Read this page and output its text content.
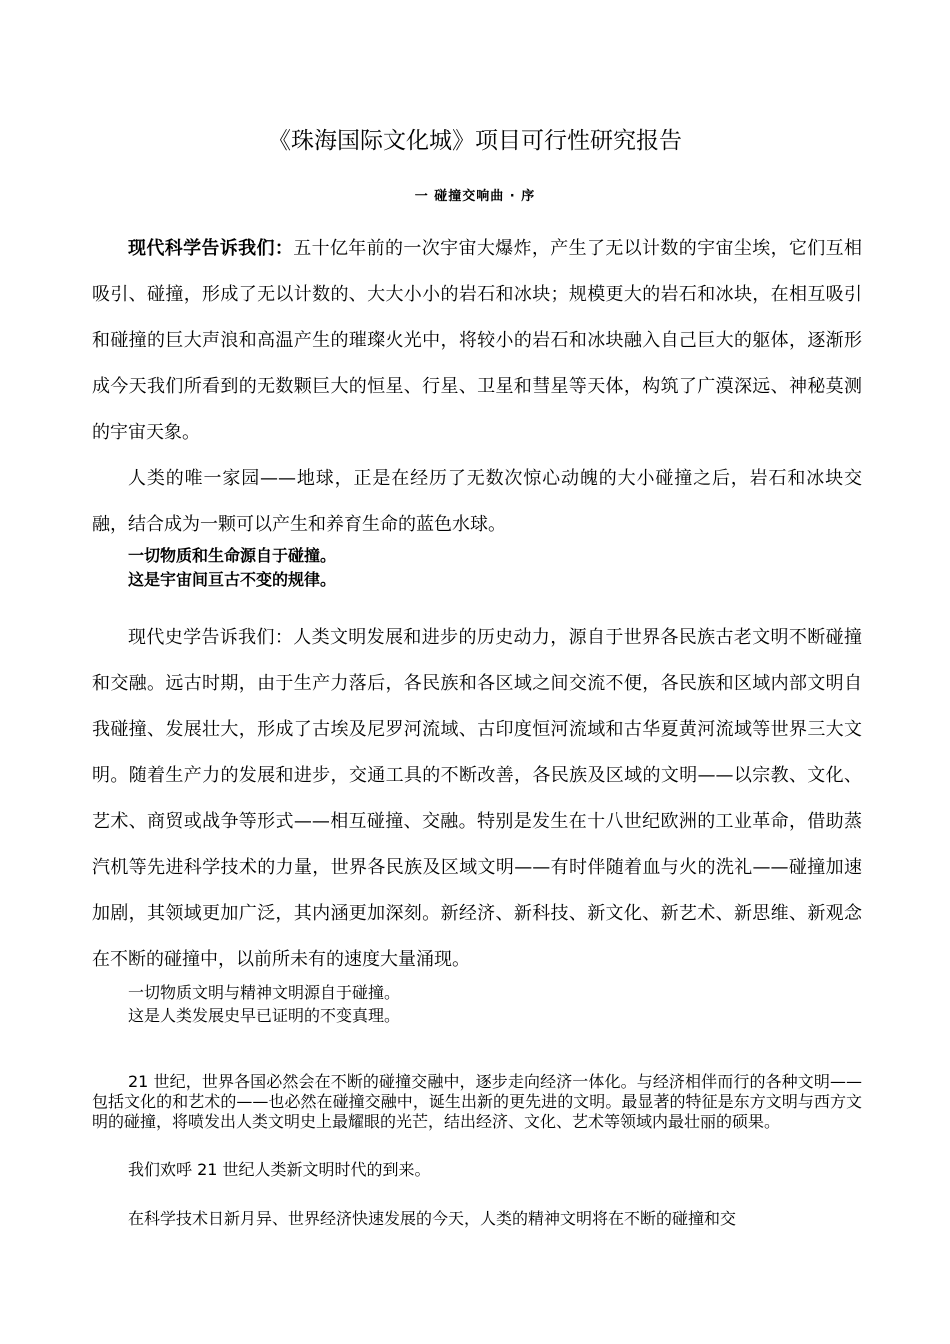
《珠海国际文化城》项目可行性研究报告

一 碰撞交响曲 · 序

现代科学告诉我们：五十亿年前的一次宇宙大爆炸，产生了无以计数的宇宙尘埃，它们互相吸引、碰撞，形成了无以计数的、大大小小的岩石和冰块；规模更大的岩石和冰块，在相互吸引和碰撞的巨大声浪和高温产生的璀璨火光中，将较小的岩石和冰块融入自己巨大的躯体，逐渐形成今天我们所看到的无数颗巨大的恒星、行星、卫星和彗星等天体，构筑了广漠深远、神秘莫测的宇宙天象。

人类的唯一家园——地球，正是在经历了无数次惊心动魄的大小碰撞之后，岩石和冰块交融，结合成为一颗可以产生和养育生命的蓝色水球。

一切物质和生命源自于碰撞。

这是宇宙间亘古不变的规律。

现代史学告诉我们：人类文明发展和进步的历史动力，源自于世界各民族古老文明不断碰撞和交融。远古时期，由于生产力落后，各民族和各区域之间交流不便，各民族和区域内部文明自我碰撞、发展壮大，形成了古埃及尼罗河流域、古印度恒河流域和古华夏黄河流域等世界三大文明。随着生产力的发展和进步，交通工具的不断改善，各民族及区域的文明——以宗教、文化、艺术、商贸或战争等形式——相互碰撞、交融。特别是发生在十八世纪欧洲的工业革命，借助蒸汽机等先进科学技术的力量，世界各民族及区域文明——有时伴随着血与火的洗礼——碰撞加速加剧，其领域更加广泛，其内涵更加深刻。新经济、新科技、新文化、新艺术、新思维、新观念在不断的碰撞中，以前所未有的速度大量涌现。

一切物质文明与精神文明源自于碰撞。

这是人类发展史早已证明的不变真理。

21 世纪，世界各国必然会在不断的碰撞交融中，逐步走向经济一体化。与经济相伴而行的各种文明——包括文化的和艺术的——也必然在碰撞交融中，诞生出新的更先进的文明。最显著的特征是东方文明与西方文明的碰撞，将喷发出人类文明史上最耀眼的光芒，结出经济、文化、艺术等领域内最壮丽的硕果。

我们欢呼 21 世纪人类新文明时代的到来。

在科学技术日新月异、世界经济快速发展的今天，人类的精神文明将在不断的碰撞和交
